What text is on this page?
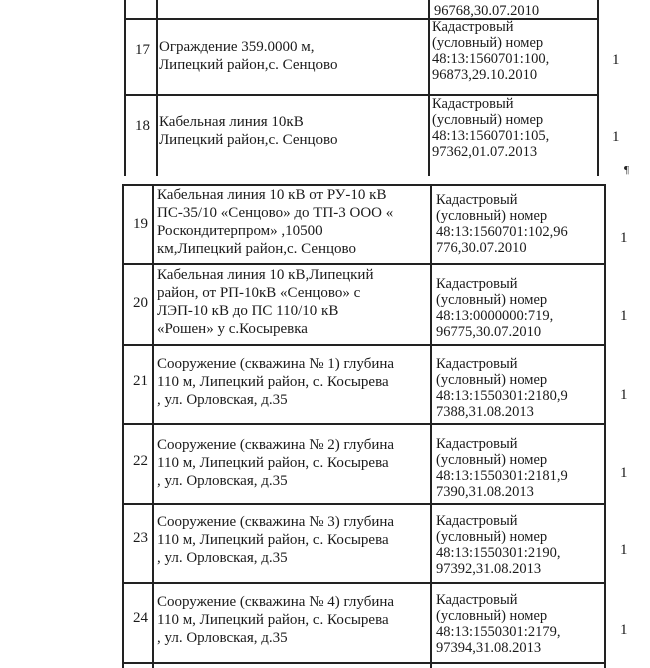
96768,30.07.2010
17 Ограждение 359.0000 м,
Липецкий район,с. Сенцово
Кадастровый
(условный) номер
48:13:1560701:100,
96873,29.10.2010
1
18 Кабельная линия 10кВ
Липецкий район,с. Сенцово
Кадастровый
(условный) номер
48:13:1560701:105,
97362,01.07.2013
1
¶
19
Кабельная линия 10 кВ от РУ-10 кВ
ПС-35/10 «Сенцово» до ТП-3 ООО «
Роскондитерпром» ,10500
км,Липецкий район,с. Сенцово
Кадастровый
(условный) номер
48:13:1560701:102,96
776,30.07.2010
1
20
Кабельная линия 10 кВ,Липецкий
район, от РП-10кВ «Сенцово» с
ЛЭП-10 кВ до ПС 110/10 кВ
«Рошен» у с.Косыревка
Кадастровый
(условный) номер
48:13:0000000:719,
96775,30.07.2010
1
21
Сооружение (скважина № 1) глубина
110 м, Липецкий район, с. Косырева
, ул. Орловская, д.35
Кадастровый
(условный) номер
48:13:1550301:2180,9
7388,31.08.2013
1
22
Сооружение (скважина № 2) глубина
110 м, Липецкий район, с. Косырева
, ул. Орловская, д.35
Кадастровый
(условный) номер
48:13:1550301:2181,9
7390,31.08.2013
1
23
Сооружение (скважина № 3) глубина
110 м, Липецкий район, с. Косырева
, ул. Орловская, д.35
Кадастровый
(условный) номер
48:13:1550301:2190,
97392,31.08.2013
1
24
Сооружение (скважина № 4) глубина
110 м, Липецкий район, с. Косырева
, ул. Орловская, д.35
Кадастровый
(условный) номер
48:13:1550301:2179,
97394,31.08.2013
1
